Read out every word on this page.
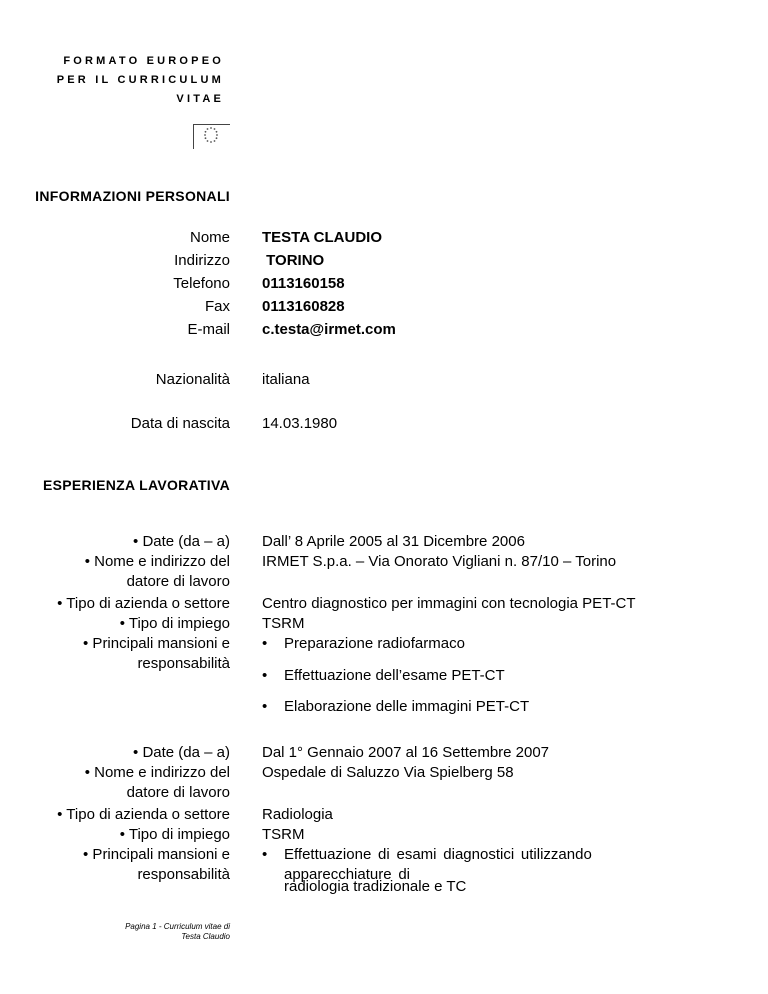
FORMATO EUROPEO
PER IL CURRICULUM
VITAE
INFORMAZIONI PERSONALI
Nome TESTA CLAUDIO
Indirizzo TORINO
Telefono 0113160158
Fax 0113160828
E-mail c.testa@irmet.com
Nazionalità italiana
Data di nascita 14.03.1980
ESPERIENZA LAVORATIVA
• Date (da – a) Dall’ 8 Aprile 2005 al 31 Dicembre 2006
• Nome e indirizzo del IRMET S.p.a. – Via Onorato Vigliani n. 87/10 – Torino
datore di lavoro
• Tipo di azienda o settore Centro diagnostico per immagini con tecnologia PET-CT
• Tipo di impiego TSRM
• Principali mansioni e
responsabilità
• Preparazione radiofarmaco
• Effettuazione dell’esame PET-CT
• Elaborazione delle immagini PET-CT
• Date (da – a) Dal 1° Gennaio 2007 al 16 Settembre 2007
• Nome e indirizzo del Ospedale di Saluzzo Via Spielberg 58
datore di lavoro
• Tipo di azienda o settore Radiologia
• Tipo di impiego TSRM
• Principali mansioni e
responsabilità
• Effettuazione di esami diagnostici utilizzando apparecchiature di
radiologia tradizionale e TC
Pagina 1 - Curriculum vitae di
Testa Claudio
